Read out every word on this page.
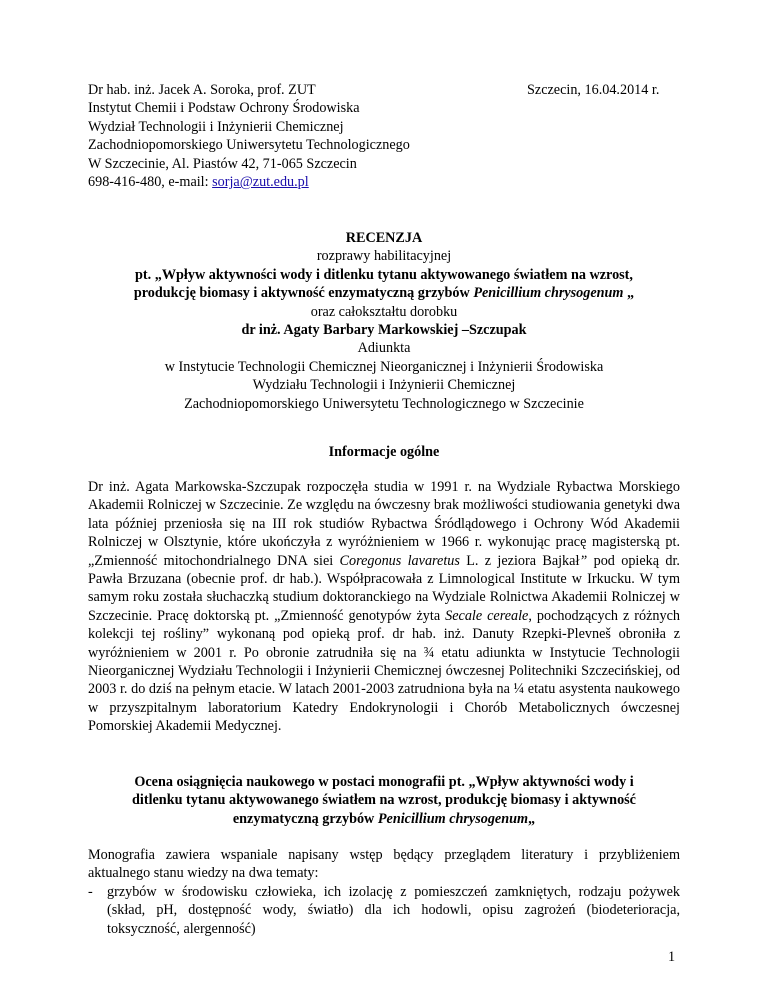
Dr hab. inż. Jacek A. Soroka, prof. ZUT
Instytut Chemii i Podstaw Ochrony Środowiska
Wydział Technologii i Inżynierii Chemicznej
Zachodniopomorskiego Uniwersytetu Technologicznego
W Szczecinie, Al. Piastów 42, 71-065 Szczecin
698-416-480, e-mail: sorja@zut.edu.pl
Szczecin, 16.04.2014 r.
RECENZJA
rozprawy habilitacyjnej
pt. „Wpływ aktywności wody i ditlenku tytanu aktywowanego światłem na wzrost,
produkcję biomasy i aktywność enzymatyczną grzybów Penicillium chrysogenum „
oraz całokształtu dorobku
dr inż. Agaty Barbary Markowskiej –Szczupak
Adiunkta
w Instytucie Technologii Chemicznej Nieorganicznej i Inżynierii Środowiska
Wydziału Technologii i Inżynierii Chemicznej
Zachodniopomorskiego Uniwersytetu Technologicznego w Szczecinie
Informacje ogólne

Dr inż. Agata Markowska-Szczupak rozpoczęła studia w 1991 r. na Wydziale Rybactwa Morskiego Akademii Rolniczej w Szczecinie. Ze względu na ówczesny brak możliwości studiowania genetyki dwa lata później przeniosła się na III rok studiów Rybactwa Śródlądowego i Ochrony Wód Akademii Rolniczej w Olsztynie, które ukończyła z wyróżnieniem w 1966 r. wykonując pracę magisterską pt. „Zmienność mitochondrialnego DNA siei Coregonus lavaretus L. z jeziora Bajkał” pod opieką dr. Pawła Brzuzana (obecnie prof. dr hab.). Współpracowała z Limnological Institute w Irkucku. W tym samym roku została słuchaczką studium doktoranckiego na Wydziale Rolnictwa Akademii Rolniczej w Szczecinie. Pracę doktorską pt. „Zmienność genotypów żyta Secale cereale, pochodzących z różnych kolekcji tej rośliny” wykonaną pod opieką prof. dr hab. inż. Danuty Rzepki-Plevneš obroniła z wyróżnieniem w 2001 r. Po obronie zatrudniła się na ¾ etatu adiunkta w Instytucie Technologii Nieorganicznej Wydziału Technologii i Inżynierii Chemicznej ówczesnej Politechniki Szczecińskiej, od 2003 r. do dziś na pełnym etacie. W latach 2001-2003 zatrudniona była na ¼ etatu asystenta naukowego w przyszpitalnym laboratorium Katedry Endokrynologii i Chorób Metabolicznych ówczesnej Pomorskiej Akademii Medycznej.

Ocena osiągnięcia naukowego w postaci monografii pt. „Wpływ aktywności wody i
ditlenku tytanu aktywowanego światłem na wzrost, produkcję biomasy i aktywność
enzymatyczną grzybów Penicillium chrysogenum„
Monografia zawiera wspaniale napisany wstęp będący przeglądem literatury i przybliżeniem aktualnego stanu wiedzy na dwa tematy:
- grzybów w środowisku człowieka, ich izolację z pomieszczeń zamkniętych, rodzaju pożywek (skład, pH, dostępność wody, światło) dla ich hodowli, opisu zagrożeń (biodeterioracja, toksyczność, alergenność)
1
